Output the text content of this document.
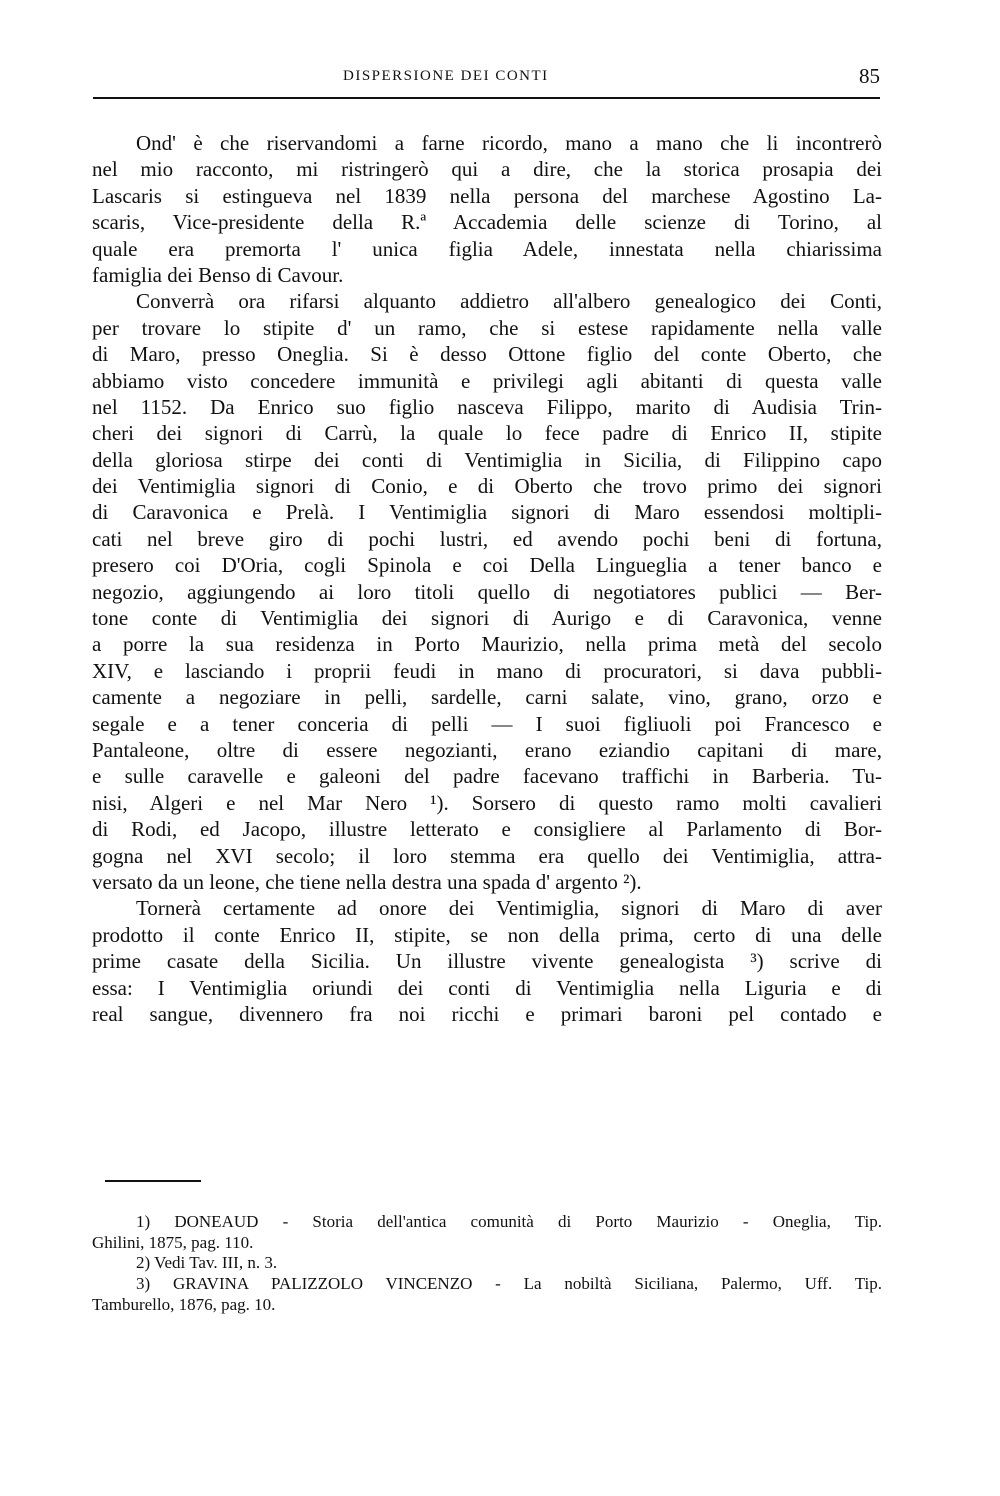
DISPERSIONE DEI CONTI	85
Ond' è che riservandomi a farne ricordo, mano a mano che li incontrerò
nel mio racconto, mi ristringerò qui a dire, che la storica prosapia dei
Lascaris si estingueva nel 1839 nella persona del marchese Agostino La-
scaris, Vice-presidente della R.ª Accademia delle scienze di Torino, al
quale era premorta l' unica figlia Adele, innestata nella chiarissima
famiglia dei Benso di Cavour.
Converrà ora rifarsi alquanto addietro all'albero genealogico dei Conti,
per trovare lo stipite d' un ramo, che si estese rapidamente nella valle
di Maro, presso Oneglia. Si è desso Ottone figlio del conte Oberto, che
abbiamo visto concedere immunità e privilegi agli abitanti di questa valle
nel 1152. Da Enrico suo figlio nasceva Filippo, marito di Audisia Trin-
cheri dei signori di Carrù, la quale lo fece padre di Enrico II, stipite
della gloriosa stirpe dei conti di Ventimiglia in Sicilia, di Filippino capo
dei Ventimiglia signori di Conio, e di Oberto che trovo primo dei signori
di Caravonica e Prelà. I Ventimiglia signori di Maro essendosi moltipli-
cati nel breve giro di pochi lustri, ed avendo pochi beni di fortuna,
presero coi D'Oria, cogli Spinola e coi Della Lingueglia a tener banco e
negozio, aggiungendo ai loro titoli quello di negotiatores publici — Ber-
tone conte di Ventimiglia dei signori di Aurigo e di Caravonica, venne
a porre la sua residenza in Porto Maurizio, nella prima metà del secolo
XIV, e lasciando i proprii feudi in mano di procuratori, si dava pubbli-
camente a negoziare in pelli, sardelle, carni salate, vino, grano, orzo e
segale e a tener conceria di pelli — I suoi figliuoli poi Francesco e
Pantaleone, oltre di essere negozianti, erano eziandio capitani di mare,
e sulle caravelle e galeoni del padre facevano traffichi in Barberia. Tu-
nisi, Algeri e nel Mar Nero ¹). Sorsero di questo ramo molti cavalieri
di Rodi, ed Jacopo, illustre letterato e consigliere al Parlamento di Bor-
gogna nel XVI secolo; il loro stemma era quello dei Ventimiglia, attra-
versato da un leone, che tiene nella destra una spada d' argento ²).
Tornerà certamente ad onore dei Ventimiglia, signori di Maro di aver
prodotto il conte Enrico II, stipite, se non della prima, certo di una delle
prime casate della Sicilia. Un illustre vivente genealogista ³) scrive di
essa: I Ventimiglia oriundi dei conti di Ventimiglia nella Liguria e di
real sangue, divennero fra noi ricchi e primari baroni pel contado e
1) DONEAUD - Storia dell'antica comunità di Porto Maurizio - Oneglia, Tip.
Ghilini, 1875, pag. 110.
2) Vedi Tav. III, n. 3.
3) GRAVINA PALIZZOLO VINCENZO - La nobiltà Siciliana, Palermo, Uff. Tip.
Tamburello, 1876, pag. 10.
